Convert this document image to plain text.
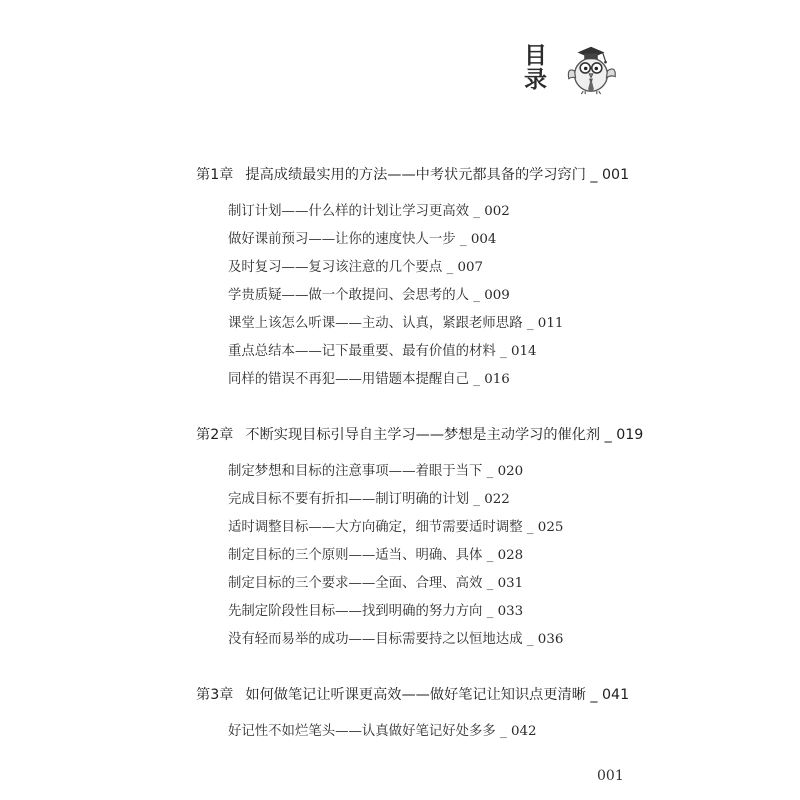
目
录
第1章 提高成绩最实用的方法——中考状元都具备的学习窍门 _ 001
制订计划——什么样的计划让学习更高效 _ 002
做好课前预习——让你的速度快人一步 _ 004
及时复习——复习该注意的几个要点 _ 007
学贵质疑——做一个敢提问、会思考的人 _ 009
课堂上该怎么听课——主动、认真，紧跟老师思路 _ 011
重点总结本——记下最重要、最有价值的材料 _ 014
同样的错误不再犯——用错题本提醒自己 _ 016
第2章 不断实现目标引导自主学习——梦想是主动学习的催化剂 _ 019
制定梦想和目标的注意事项——着眼于当下 _ 020
完成目标不要有折扣——制订明确的计划 _ 022
适时调整目标——大方向确定，细节需要适时调整 _ 025
制定目标的三个原则——适当、明确、具体 _ 028
制定目标的三个要求——全面、合理、高效 _ 031
先制定阶段性目标——找到明确的努力方向 _ 033
没有轻而易举的成功——目标需要持之以恒地达成 _ 036
第3章 如何做笔记让听课更高效——做好笔记让知识点更清晰 _ 041
好记性不如烂笔头——认真做好笔记好处多多 _ 042
001
